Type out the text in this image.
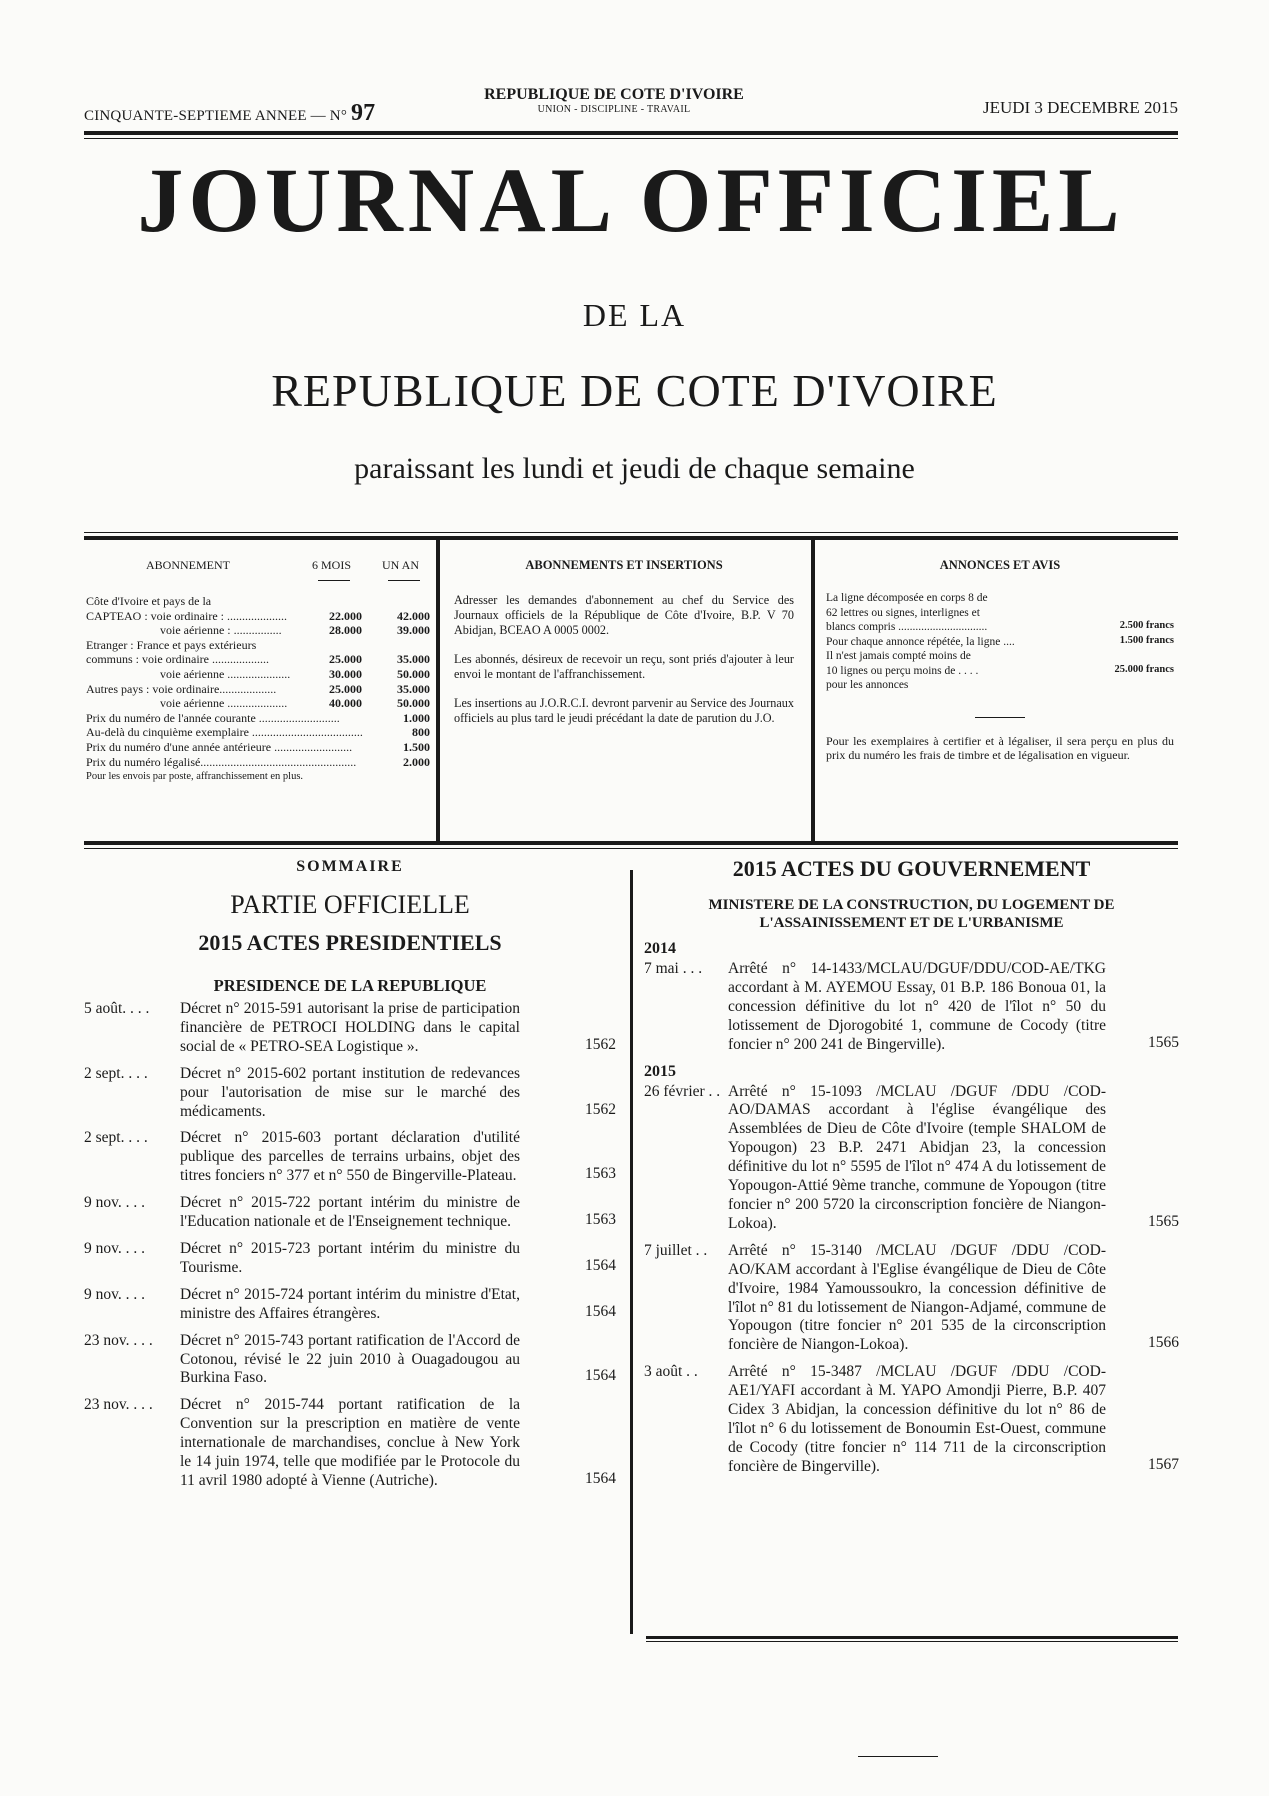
CINQUANTE-SEPTIEME ANNEE — N° 97
REPUBLIQUE DE COTE D'IVOIRE
UNION - DISCIPLINE - TRAVAIL	JEUDI 3 DECEMBRE 2015
JOURNAL OFFICIEL
DE LA
REPUBLIQUE DE COTE D'IVOIRE
paraissant les lundi et jeudi de chaque semaine
ABONNEMENT	6 MOIS	UN AN
Côte d'Ivoire et pays de la
CAPTEAO : voie ordinaire : ....................	22.000	42.000
voie aérienne : ................	28.000	39.000
Etranger : France et pays extérieurs
communs : voie ordinaire ...................	25.000	35.000
voie aérienne .....................	30.000	50.000
Autres pays : voie ordinaire...................	25.000	35.000
voie aérienne ....................	40.000	50.000
Prix du numéro de l'année courante ...........................	1.000
Au-delà du cinquième exemplaire .....................................	800
Prix du numéro d'une année antérieure ..........................	1.500
Prix du numéro légalisé....................................................	2.000
Pour les envois par poste, affranchissement en plus.
ABONNEMENTS ET INSERTIONS

Adresser les demandes d'abonnement au chef du Service des Journaux officiels de la République de Côte d'Ivoire, B.P. V 70 Abidjan, BCEAO A 0005 0002.

Les abonnés, désireux de recevoir un reçu, sont priés d'ajouter à leur envoi le montant de l'affranchissement.

Les insertions au J.O.R.C.I. devront parvenir au Service des Journaux officiels au plus tard le jeudi précédant la date de parution du J.O.

ANNONCES ET AVIS
La ligne décomposée en corps 8 de
62 lettres ou signes, interlignes et
blancs compris ...............................	2.500 francs
Pour chaque annonce répétée, la ligne ....	1.500 francs
Il n'est jamais compté moins de
10 lignes ou perçu moins de . . . .	25.000 francs
pour les annonces
Pour les exemplaires à certifier et à légaliser, il sera perçu en plus du prix du numéro les frais de timbre et de légalisation en vigueur.
SOMMAIRE
PARTIE OFFICIELLE
2015 ACTES PRESIDENTIELS
PRESIDENCE DE LA REPUBLIQUE
5 août. . . . Décret n° 2015-591 autorisant la prise de participation financière de PETROCI HOLDING dans le capital social de « PETRO-SEA Logistique ».	1562
2 sept. . . . Décret n° 2015-602 portant institution de redevances pour l'autorisation de mise sur le marché des médicaments.	1562
2 sept. . . . Décret n° 2015-603 portant déclaration d'utilité publique des parcelles de terrains urbains, objet des titres fonciers n° 377 et n° 550 de Bingerville-Plateau.	1563
9 nov. . . . Décret n° 2015-722 portant intérim du ministre de l'Education nationale et de l'Enseignement technique.	1563
9 nov. . . . Décret n° 2015-723 portant intérim du ministre du Tourisme.	1564
9 nov. . . . Décret n° 2015-724 portant intérim du ministre d'Etat, ministre des Affaires étrangères.	1564
23 nov. . . . Décret n° 2015-743 portant ratification de l'Accord de Cotonou, révisé le 22 juin 2010 à Ouagadougou au Burkina Faso.	1564
23 nov. . . . Décret n° 2015-744 portant ratification de la Convention sur la prescription en matière de vente internationale de marchandises, conclue à New York le 14 juin 1974, telle que modifiée par le Protocole du 11 avril 1980 adopté à Vienne (Autriche).	1564
2015 ACTES DU GOUVERNEMENT
MINISTERE DE LA CONSTRUCTION, DU LOGEMENT DE L'ASSAINISSEMENT ET DE L'URBANISME
2014
7 mai . . . Arrêté n° 14-1433/MCLAU/DGUF/DDU/COD-AE/TKG accordant à M. AYEMOU Essay, 01 B.P. 186 Bonoua 01, la concession définitive du lot n° 420 de l'îlot n° 50 du lotissement de Djorogobité 1, commune de Cocody (titre foncier n° 200 241 de Bingerville).	1565
2015
26 février . . Arrêté n° 15-1093 /MCLAU /DGUF /DDU /COD-AO/DAMAS accordant à l'église évangélique des Assemblées de Dieu de Côte d'Ivoire (temple SHALOM de Yopougon) 23 B.P. 2471 Abidjan 23, la concession définitive du lot n° 5595 de l'îlot n° 474 A du lotissement de Yopougon-Attié 9ème tranche, commune de Yopougon (titre foncier n° 200 5720 la circonscription foncière de Niangon-Lokoa).	1565
7 juillet . . Arrêté n° 15-3140 /MCLAU /DGUF /DDU /COD-AO/KAM accordant à l'Eglise évangélique de Dieu de Côte d'Ivoire, 1984 Yamoussoukro, la concession définitive de l'îlot n° 81 du lotissement de Niangon-Adjamé, commune de Yopougon (titre foncier n° 201 535 de la circonscription foncière de Niangon-Lokoa).	1566
3 août . . Arrêté n° 15-3487 /MCLAU /DGUF /DDU /COD-AE1/YAFI accordant à M. YAPO Amondji Pierre, B.P. 407 Cidex 3 Abidjan, la concession définitive du lot n° 86 de l'îlot n° 6 du lotissement de Bonoumin Est-Ouest, commune de Cocody (titre foncier n° 114 711 de la circonscription foncière de Bingerville).	1567
